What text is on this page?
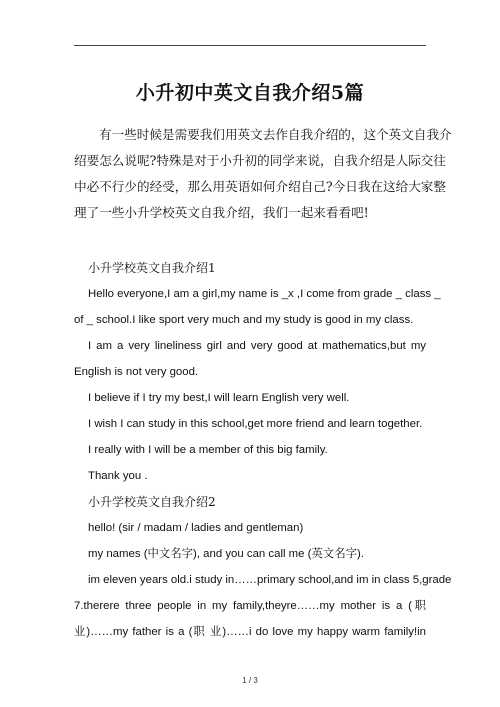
小升初中英文自我介绍5篇
有一些时候是需要我们用英文去作自我介绍的，这个英文自我介
绍要怎么说呢?特殊是对于小升初的同学来说，自我介绍是人际交往
中必不行少的经受，那么用英语如何介绍自己?今日我在这给大家整
理了一些小升学校英文自我介绍，我们一起来看看吧!

小升学校英文自我介绍1

Hello everyone,I am a girl,my name is _x ,I come from grade _ class _

of _ school.I like sport very much and my study is good in my class.

I am a very lineliness girl and very good at mathematics,but my

English is not very good.

I believe if I try my best,I will learn English very well.

I wish I can study in this school,get more friend and learn together.

I really with I will be a member of this big family.

Thank you .

小升学校英文自我介绍2

hello! (sir / madam / ladies and gentleman)

my names (中文名字), and you can call me (英文名字).

im eleven years old.i study in……primary school,and im in class 5,grade

7.therere three people in my family,theyre……my mother is a (职

业)……my father is a (职 业)……i do love my happy warm family!in

1 / 3
